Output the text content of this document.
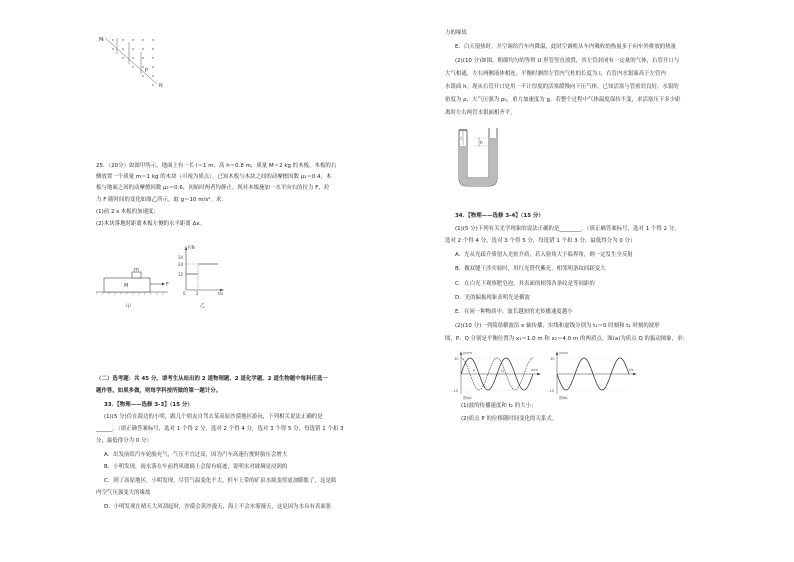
M
P
N
25．（20分）如图甲所示，地面上有一长 l＝1 m，高 h＝0.8 m，质量 M＝2 kg 的木板，木板的右
侧放置一个质量 m＝1 kg 的木块（可视为质点），已知木板与木块之间的动摩擦因数 μ₁＝0.4，木
板与地面之间的动摩擦因数 μ₂＝0.6，初始时两者均静止。现对木板施加一水平向右的拉力 F，拉
力 F 随时间的变化如图乙所示，取 g＝10 m/s²。求：
(1)前 2 s 木板的加速度；
(2)木块落地时距离木板左侧的水平距离 Δx。
m
M	F
甲
F/N
34
24
12
0	2	t/s
乙
（二）选考题：共 45 分。请考生从给出的 2 道物理题、2 道化学题、2 道生物题中每科任选一
题作答。如果多做，则每学科按所做的第一题计分。
33．【物理——选修 3-3】（15 分）
(1)(5 分)住在海边的小明，跟几个朋友自驾去某高原沙漠地区游玩，下列相关说法正确的是
______。（填正确答案标号，选对 1 个得 2 分，选对 2 个得 4 分，选对 3 个得 5 分，每选错 1 个扣 3
分，最低得分为 0 分）
A．出发前给汽车轮胎充气，气压不宜过高，因为汽车高速行驶时胎压会增大
B．小明发现，雨水落在车前挡风玻璃上会留有痕迹，说明水对玻璃是浸润的
C．到了高原地区，小明发现，尽管气温变化不大，但车上带的矿泉水瓶变得更加膨胀了，这是瓶
内空气压强变大的缘故
D．小明发现在晴天大风刮起时，沙漠会黄沙漫天，海上不会水雾漫天，这是因为水具有表面张
力的缘故
E．白天很热时，开空调给汽车内降温，此时空调机从车内吸收的热量多于向车外排放的热量
(2)(10 分)如图，粗细均匀的等臂 U 形管竖直放置，其左管封闭有一定量的气体，右管开口与
大气相通，左右两侧液体相连。平衡时测得左管内气柱的长度为 l，右管内水银面高于左管内
水银面 h。现从右管开口处用一不计厚度的活塞缓慢向下压气体，已知活塞与管密封良好，水银的
密度为 ρ，大气压强为 p₀，重力加速度为 g。若整个过程中气体温度保持不变，求活塞压下多少距
离时左右两管水银面相齐平。
l
h
34．【物理——选修 3-4】（15 分）
(1)(5 分)下列有关光学现象的说法正确的是________。（填正确答案标号，选对 1 个得 2 分，
选对 2 个得 4 分，选对 3 个得 5 分，每选错 1 个扣 3 分，最低得分为 0 分）
A．光从光疏介质射入光密介质，若入射角大于临界角，则一定发生全反射
B．做双缝干涉实验时，用红光替代紫光，相邻明条纹间距变大
C．在白光下观察肥皂泡，其表面的相邻各条纹是等间距的
D．光的偏振现象表明光是横波
E．在同一种物质中，波长越短的光传播速度越小
(2)(10 分)一列简谐横波沿 x 轴传播，实线和虚线分别为 t₁＝0 时刻和 t₂ 时刻的波形
图，P、Q 分别是平衡位置为 x₁＝1.0 m 和 x₂＝4.0 m 的两质点。图(a)为质点 Q 的振动图象，求：
y/cm
10
-10
x/m
P	Q
图(a)
y/cm
10
-10
t/s
图(b)
(1)波的传播速度和 t₂ 的大小；
(2)质点 P 的位移随时间变化的关系式。
